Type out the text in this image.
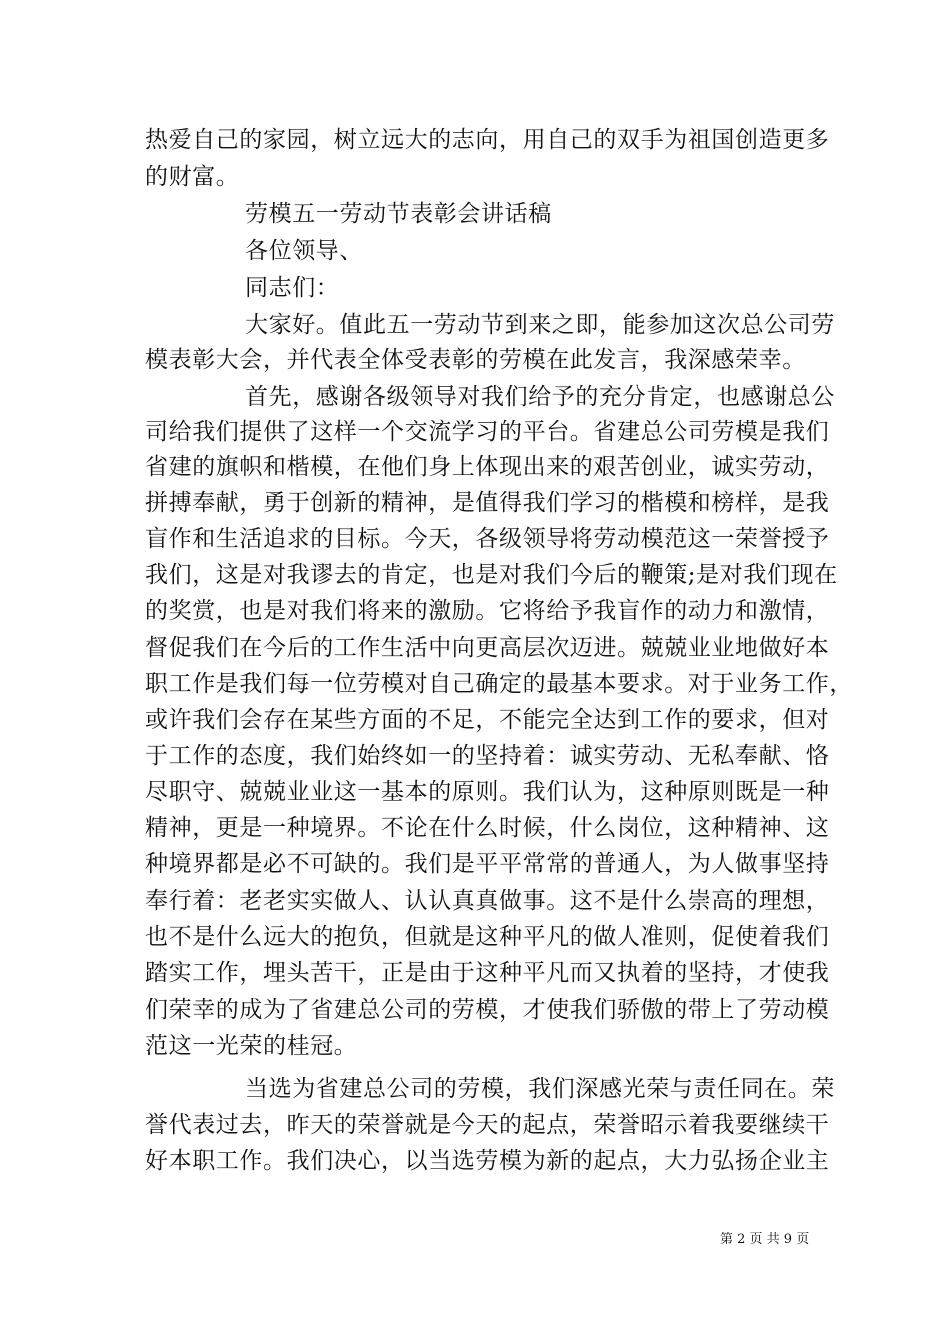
热爱自己的家园，树立远大的志向，用自己的双手为祖国创造更多
的财富。
劳模五一劳动节表彰会讲话稿
各位领导、
同志们：
大家好。值此五一劳动节到来之即，能参加这次总公司劳
模表彰大会，并代表全体受表彰的劳模在此发言，我深感荣幸。
首先，感谢各级领导对我们给予的充分肯定，也感谢总公
司给我们提供了这样一个交流学习的平台。省建总公司劳模是我们
省建的旗帜和楷模，在他们身上体现出来的艰苦创业，诚实劳动，
拼搏奉献，勇于创新的精神，是值得我们学习的楷模和榜样，是我
盲作和生活追求的目标。今天，各级领导将劳动模范这一荣誉授予
我们，这是对我谬去的肯定，也是对我们今后的鞭策;是对我们现在
的奖赏，也是对我们将来的激励。它将给予我盲作的动力和激情，
督促我们在今后的工作生活中向更高层次迈进。兢兢业业地做好本
职工作是我们每一位劳模对自己确定的最基本要求。对于业务工作，
或许我们会存在某些方面的不足，不能完全达到工作的要求，但对
于工作的态度，我们始终如一的坚持着：诚实劳动、无私奉献、恪
尽职守、兢兢业业这一基本的原则。我们认为，这种原则既是一种
精神，更是一种境界。不论在什么时候，什么岗位，这种精神、这
种境界都是必不可缺的。我们是平平常常的普通人，为人做事坚持
奉行着：老老实实做人、认认真真做事。这不是什么崇高的理想，
也不是什么远大的抱负，但就是这种平凡的做人准则，促使着我们
踏实工作，埋头苦干，正是由于这种平凡而又执着的坚持，才使我
们荣幸的成为了省建总公司的劳模，才使我们骄傲的带上了劳动模
范这一光荣的桂冠。
当选为省建总公司的劳模，我们深感光荣与责任同在。荣
誉代表过去，昨天的荣誉就是今天的起点，荣誉昭示着我要继续干
好本职工作。我们决心，以当选劳模为新的起点，大力弘扬企业主
第 2 页 共 9 页
